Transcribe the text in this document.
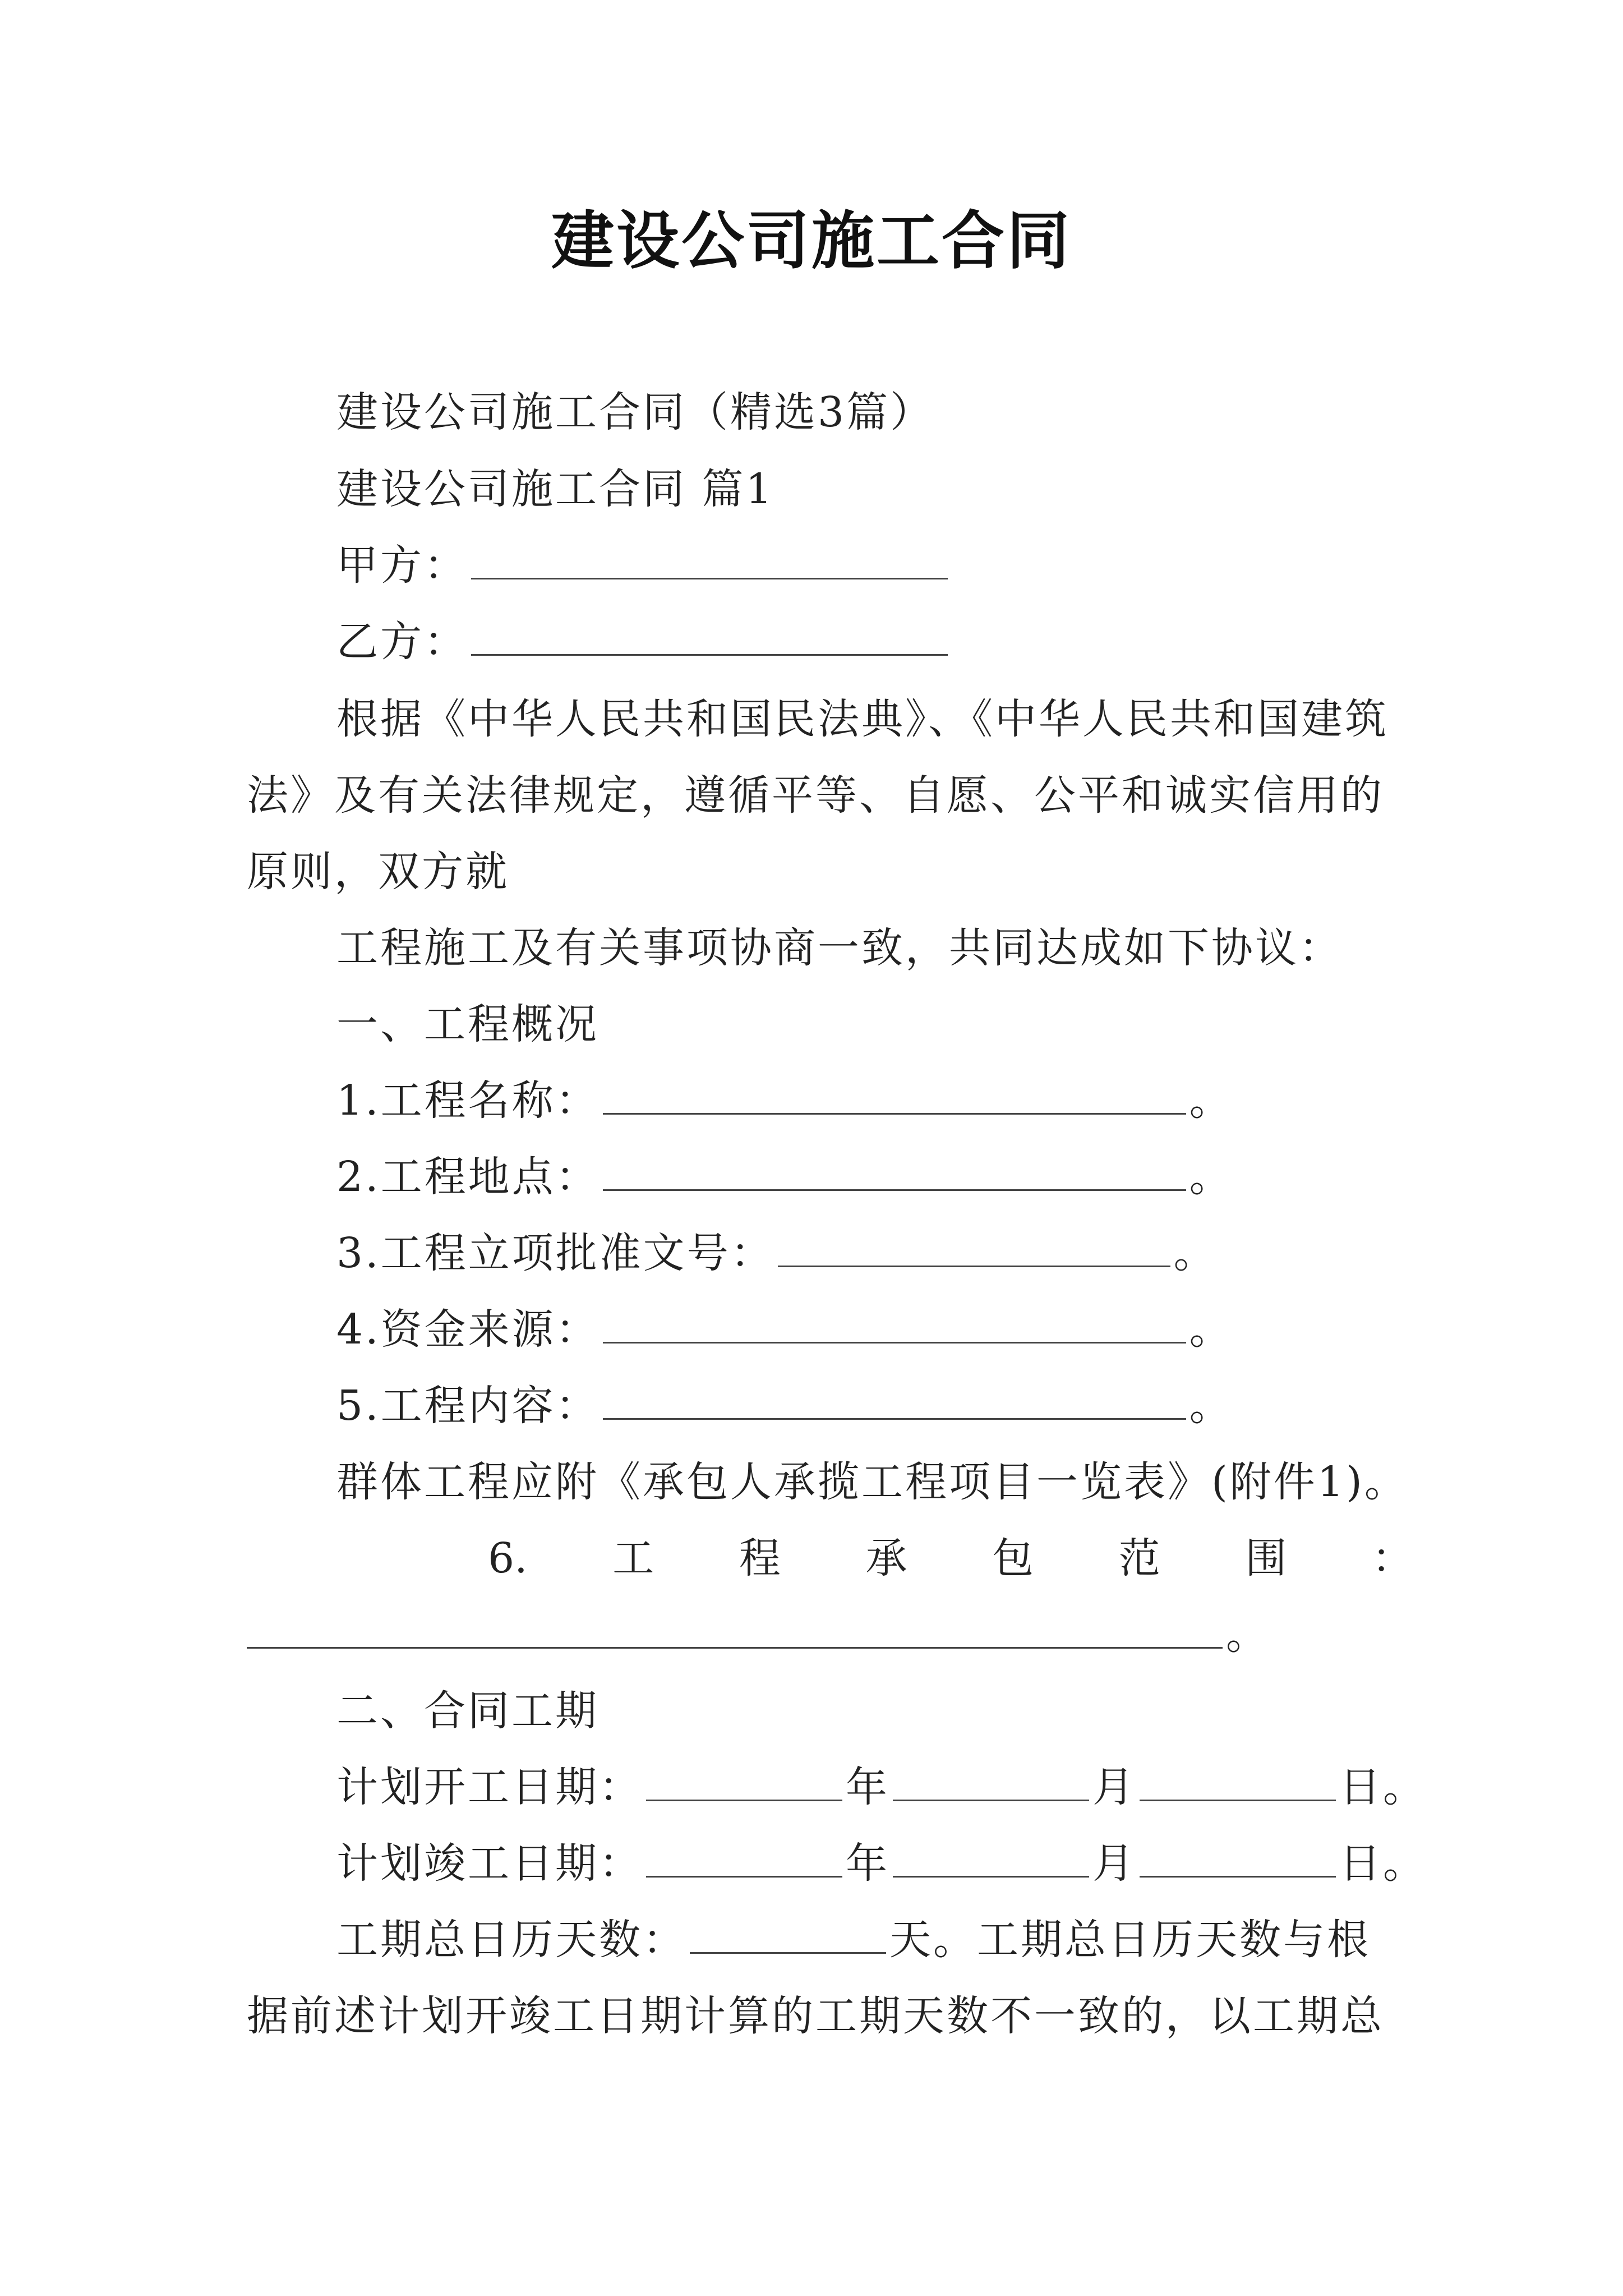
建设公司施工合同
建设公司施工合同（精选3篇）
建设公司施工合同 篇1
甲方：
乙方：
根据《中华人民共和国民法典》、《中华人民共和国建筑
法》及有关法律规定，遵循平等、自愿、公平和诚实信用的
原则，双方就
工程施工及有关事项协商一致，共同达成如下协议：
一、工程概况
1.工程名称：	。
2.工程地点：	。
3.工程立项批准文号：	。
4.资金来源：	。
5.工程内容：	。
群体工程应附《承包人承揽工程项目一览表》(附件1)。
6. 工 程 承 包 范 围 ：
。
二、合同工期
计划开工日期：	年	月	日。
计划竣工日期：	年	月	日。
工期总日历天数：	天。工期总日历天数与根
据前述计划开竣工日期计算的工期天数不一致的，以工期总
